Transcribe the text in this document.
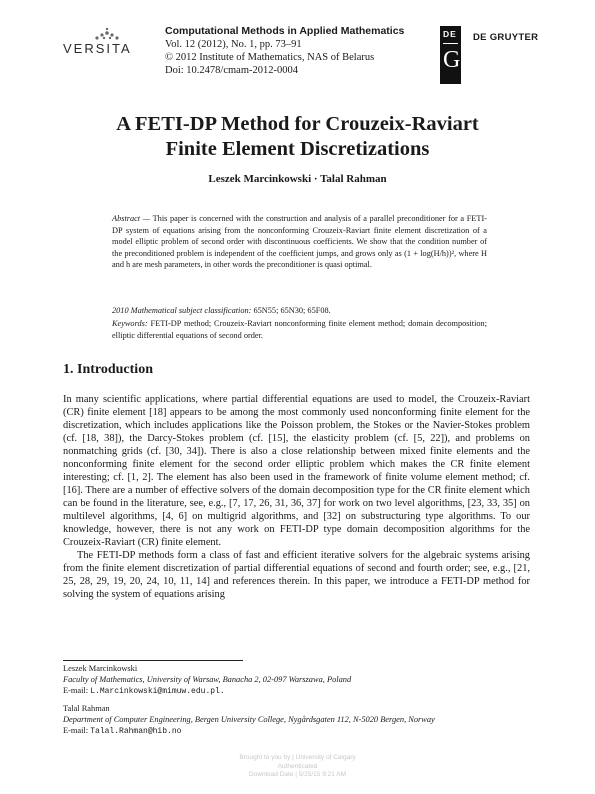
VERSITA
Computational Methods in Applied Mathematics
Vol. 12 (2012), No. 1, pp. 73–91
© 2012 Institute of Mathematics, NAS of Belarus
Doi: 10.2478/cmam-2012-0004
DE
G
DE GRUYTER
A FETI-DP Method for Crouzeix-Raviart
Finite Element Discretizations
Leszek Marcinkowski · Talal Rahman
Abstract — This paper is concerned with the construction and analysis of a parallel preconditioner for a FETI-DP system of equations arising from the nonconforming Crouzeix-Raviart finite element discretization of a model elliptic problem of second order with discontinuous coefficients. We show that the condition number of the preconditioned problem is independent of the coefficient jumps, and grows only as (1 + log(H/h))², where H and h are mesh parameters, in other words the preconditioner is quasi optimal.
2010 Mathematical subject classification: 65N55; 65N30; 65F08.
Keywords: FETI-DP method; Crouzeix-Raviart nonconforming finite element method; domain decomposition; elliptic differential equations of second order.
1. Introduction

In many scientific applications, where partial differential equations are used to model, the Crouzeix-Raviart (CR) finite element [18] appears to be among the most commonly used nonconforming finite element for the discretization, which includes applications like the Poisson problem, the Stokes or the Navier-Stokes problem (cf. [18, 38]), the Darcy-Stokes problem (cf. [15], the elasticity problem (cf. [5, 22]), and problems on nonmatching grids (cf. [30, 34]). There is also a close relationship between mixed finite elements and the nonconforming finite element for the second order elliptic problem which makes the CR finite element interesting; cf. [1, 2]. The element has also been used in the framework of finite volume element method; cf. [16]. There are a number of effective solvers of the domain decomposition type for the CR finite element which can be found in the literature, see, e.g., [7, 17, 26, 31, 36, 37] for work on two level algorithms, [23, 33, 35] on multilevel algorithms, [4, 6] on multigrid algorithms, and [32] on substructuring type algorithms. To our knowledge, however, there is not any work on FETI-DP type domain decomposition algorithms for the Crouzeix-Raviart (CR) finite element.

The FETI-DP methods form a class of fast and efficient iterative solvers for the algebraic systems arising from the finite element discretization of partial differential equations of second and fourth order; see, e.g., [21, 25, 28, 29, 19, 20, 24, 10, 11, 14] and references therein. In this paper, we introduce a FETI-DP method for solving the system of equations arising

Leszek Marcinkowski
Faculty of Mathematics, University of Warsaw, Banacha 2, 02-097 Warszawa, Poland
E-mail: L.Marcinkowski@mimuw.edu.pl.
Talal Rahman
Department of Computer Engineering, Bergen University College, Nygårdsgaten 112, N-5020 Bergen, Norway
E-mail: Talal.Rahman@hib.no
Brought to you by | University of Calgary
Authenticated
Download Date | 5/25/15 9:21 AM
